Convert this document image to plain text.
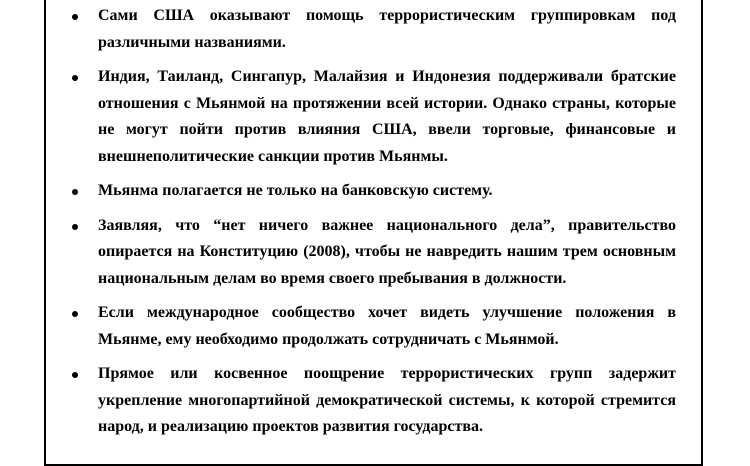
Сами США оказывают помощь террористическим группировкам под различными названиями.
Индия, Таиланд, Сингапур, Малайзия и Индонезия поддерживали братские отношения с Мьянмой на протяжении всей истории. Однако страны, которые не могут пойти против влияния США, ввели торговые, финансовые и внешнеполитические санкции против Мьянмы.
Мьянма полагается не только на банковскую систему.
Заявляя, что “нет ничего важнее национального дела”, правительство опирается на Конституцию (2008), чтобы не навредить нашим трем основным национальным делам во время своего пребывания в должности.
Если международное сообщество хочет видеть улучшение положения в Мьянме, ему необходимо продолжать сотрудничать с Мьянмой.
Прямое или косвенное поощрение террористических групп задержит укрепление многопартийной демократической системы, к которой стремится народ, и реализацию проектов развития государства.
